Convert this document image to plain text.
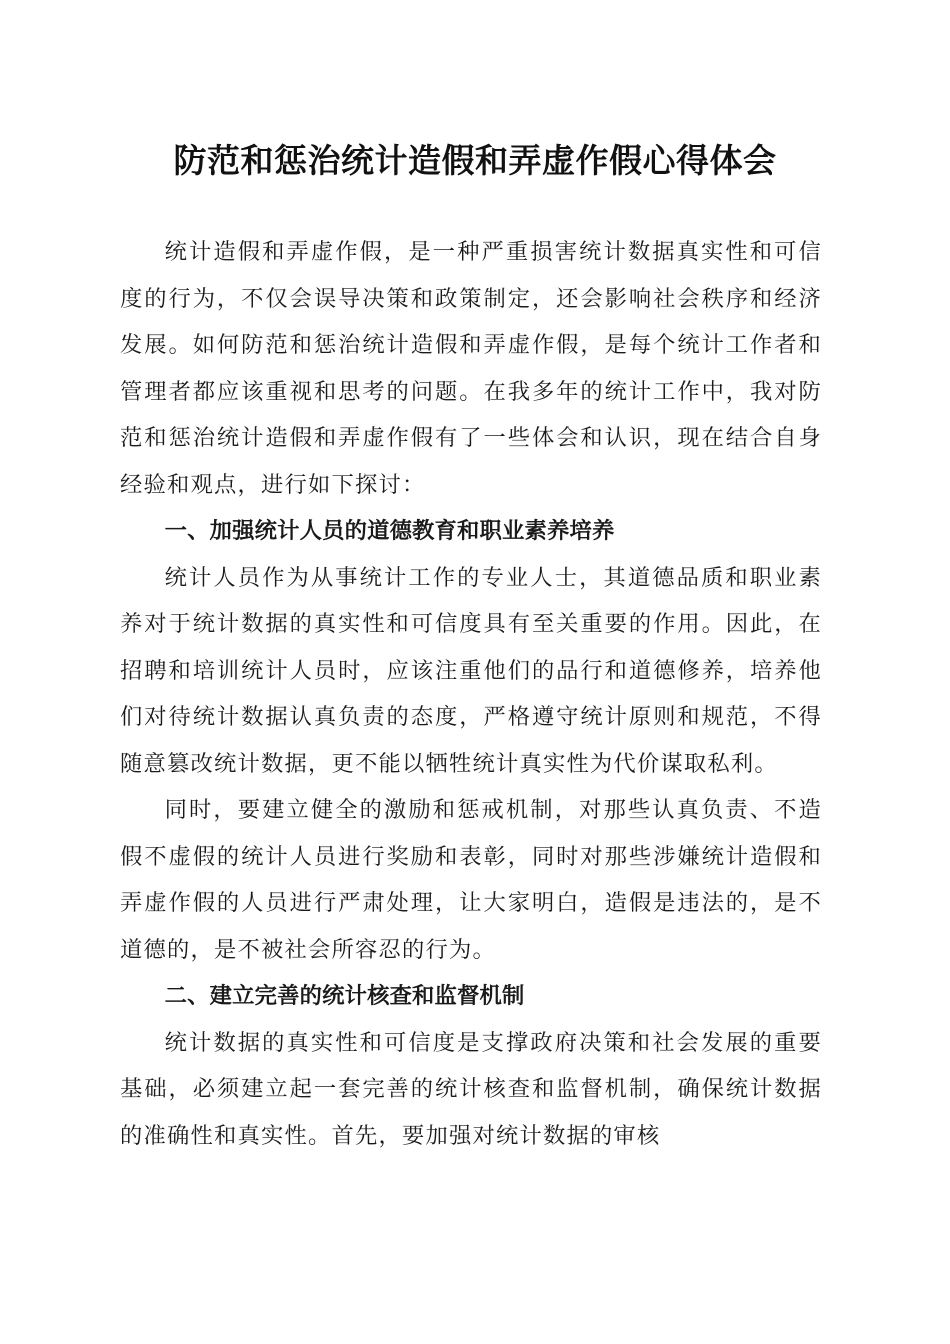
防范和惩治统计造假和弄虚作假心得体会

统计造假和弄虚作假，是一种严重损害统计数据真实性和可信度的行为，不仅会误导决策和政策制定，还会影响社会秩序和经济发展。如何防范和惩治统计造假和弄虚作假，是每个统计工作者和管理者都应该重视和思考的问题。在我多年的统计工作中，我对防范和惩治统计造假和弄虚作假有了一些体会和认识，现在结合自身经验和观点，进行如下探讨：

一、加强统计人员的道德教育和职业素养培养

统计人员作为从事统计工作的专业人士，其道德品质和职业素养对于统计数据的真实性和可信度具有至关重要的作用。因此，在招聘和培训统计人员时，应该注重他们的品行和道德修养，培养他们对待统计数据认真负责的态度，严格遵守统计原则和规范，不得随意篡改统计数据，更不能以牺牲统计真实性为代价谋取私利。

同时，要建立健全的激励和惩戒机制，对那些认真负责、不造假不虚假的统计人员进行奖励和表彰，同时对那些涉嫌统计造假和弄虚作假的人员进行严肃处理，让大家明白，造假是违法的，是不道德的，是不被社会所容忍的行为。

二、建立完善的统计核查和监督机制

统计数据的真实性和可信度是支撑政府决策和社会发展的重要基础，必须建立起一套完善的统计核查和监督机制，确保统计数据的准确性和真实性。首先，要加强对统计数据的审核
